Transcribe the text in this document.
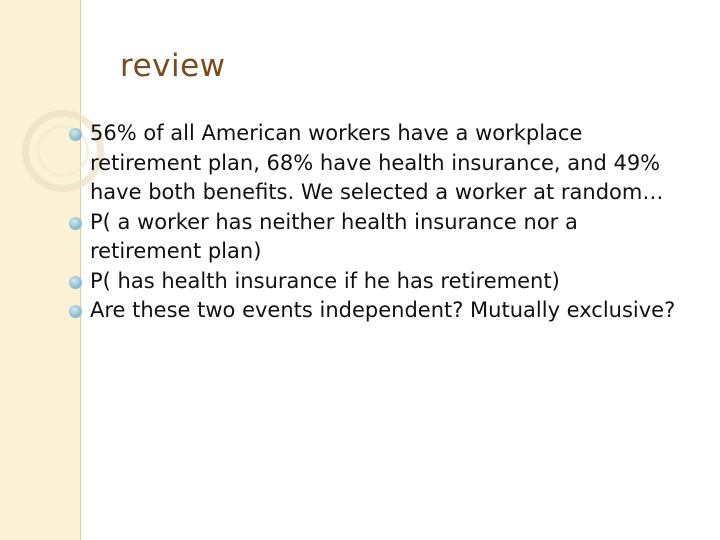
review
56% of all American workers have a workplace retirement plan, 68% have health insurance, and 49% have both benefits. We selected a worker at random…
P( a worker has neither health insurance nor a retirement plan)
P( has health insurance if he has retirement)
Are these two events independent? Mutually exclusive?
